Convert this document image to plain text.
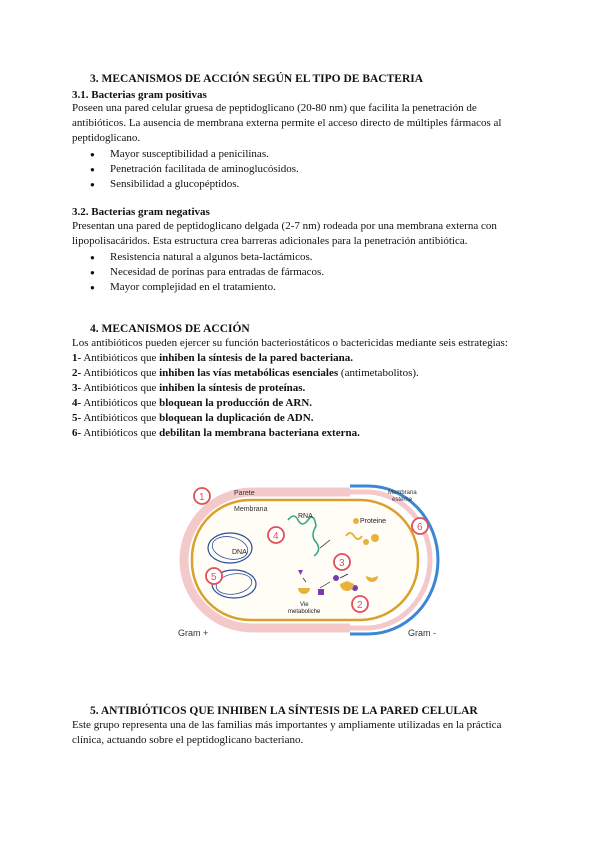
3. MECANISMOS DE ACCIÓN SEGÚN EL TIPO DE BACTERIA
3.1. Bacterias gram positivas
Poseen una pared celular gruesa de peptidoglicano (20-80 nm) que facilita la penetración de antibióticos. La ausencia de membrana externa permite el acceso directo de múltiples fármacos al peptidoglicano.
● Mayor susceptibilidad a penicilinas.
● Penetración facilitada de aminoglucósidos.
● Sensibilidad a glucopéptidos.
3.2. Bacterias gram negativas
Presentan una pared de peptidoglicano delgada (2-7 nm) rodeada por una membrana externa con lipopolisacáridos. Esta estructura crea barreras adicionales para la penetración antibiótica.
● Resistencia natural a algunos beta-lactámicos.
● Necesidad de porinas para entradas de fármacos.
● Mayor complejidad en el tratamiento.
4. MECANISMOS DE ACCIÓN
Los antibióticos pueden ejercer su función bacteriostáticos o bactericidas mediante seis estrategias:
1- Antibióticos que inhiben la síntesis de la pared bacteriana.
2- Antibióticos que inhiben las vías metabólicas esenciales (antimetabolitos).
3- Antibióticos que inhiben la síntesis de proteínas.
4- Antibióticos que bloquean la producción de ARN.
5- Antibióticos que bloquean la duplicación de ADN.
6- Antibióticos que debilitan la membrana bacteriana externa.
DNA
RNA
Proteine
Vie
metaboliche
Parete
Membrana
Membrana
esterna
1
4
5
3
2
6
Gram +	Gram -
5. ANTIBIÓTICOS QUE INHIBEN LA SÍNTESIS DE LA PARED CELULAR
Este grupo representa una de las familias más importantes y ampliamente utilizadas en la práctica clínica, actuando sobre el peptidoglicano bacteriano.
